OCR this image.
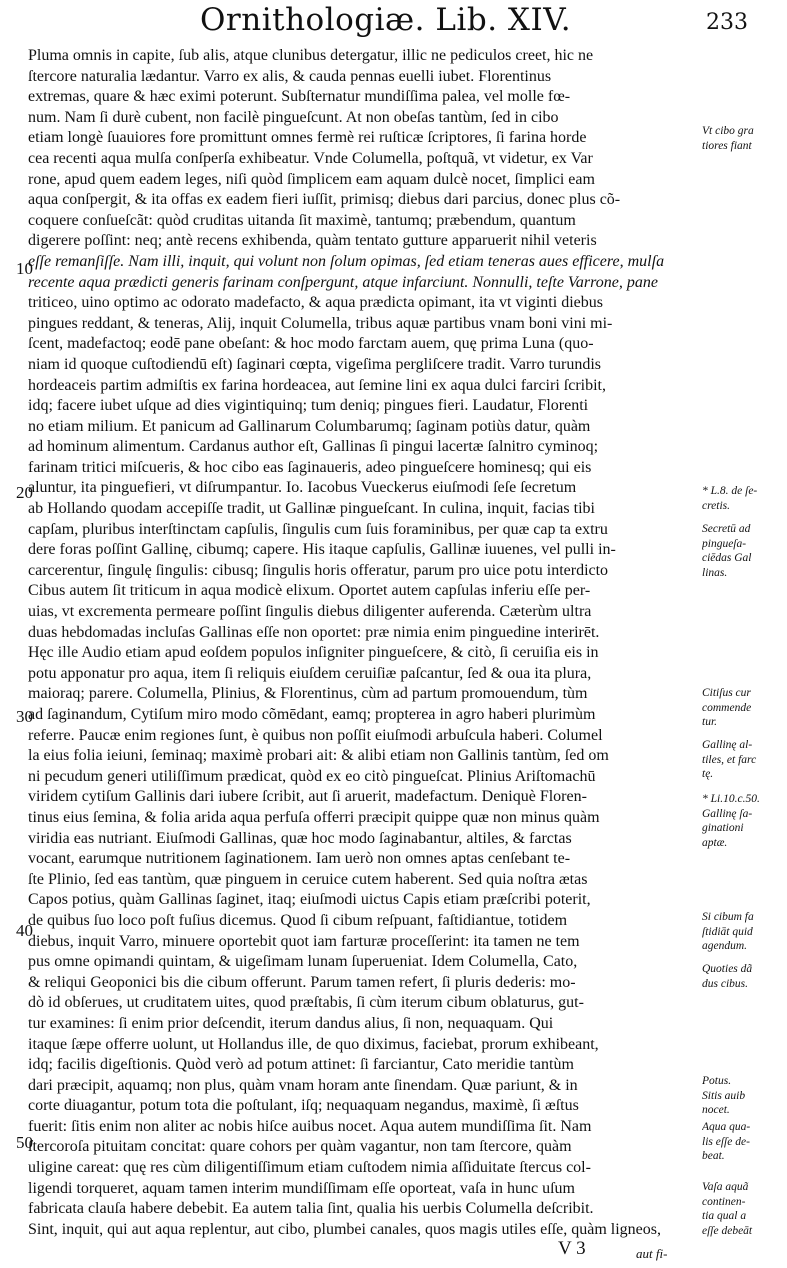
Ornithologiæ. Lib. XIV.	233
10
20
30
40
50
Pluma omnis in capite, ſub alis, atque clunibus detergatur, illic ne pediculos creet, hic ne
ſtercore naturalia lædantur. Varro ex alis, & cauda pennas euelli iubet. Florentinus
extremas, quare & hæc eximi poterunt. Subſternatur mundiſſima palea, vel molle fœ-
num. Nam ſi durè cubent, non facilè pingueſcunt. At non obeſas tantùm, ſed in cibo
etiam longè ſuauiores fore promittunt omnes fermè rei ruſticæ ſcriptores, ſi farina horde
cea recenti aqua mulſa conſperſa exhibeatur. Vnde Columella, poſtquã, vt videtur, ex Var
rone, apud quem eadem leges, niſi quòd ſimplicem eam aquam dulcè nocet, ſimplici eam
aqua conſpergit, & ita offas ex eadem fieri iuſſit, primisq; diebus dari parcius, donec plus cõ-
coquere conſueſcãt: quòd cruditas uitanda ſit maximè, tantumq; præbendum, quantum
digerere poſſint: neq; antè recens exhibenda, quàm tentato gutture apparuerit nihil veteris
eſſe remanſiſſe. Nam illi, inquit, qui volunt non ſolum opimas, ſed etiam teneras aues efficere, mulſa
recente aqua prædicti generis farinam conſpergunt, atque infarciunt. Nonnulli, teſte Varrone, pane
triticeo, uino optimo ac odorato madefacto, & aqua prædicta opimant, ita vt viginti diebus
pingues reddant, & teneras, Alij, inquit Columella, tribus aquæ partibus vnam boni vini mi-
ſcent, madefactoq; eodē pane obeſant: & hoc modo farctam auem, quę prima Luna (quo-
niam id quoque cuſtodiendū eſt) ſaginari cœpta, vigeſima pergliſcere tradit. Varro turundis
hordeaceis partim admiſtis ex farina hordeacea, aut ſemine lini ex aqua dulci farciri ſcribit,
idq; facere iubet uſque ad dies vigintiquinq; tum deniq; pingues fieri. Laudatur, Florenti
no etiam milium. Et panicum ad Gallinarum Columbarumq; ſaginam potiùs datur, quàm
ad hominum alimentum. Cardanus author eſt, Gallinas ſi pingui lacertæ ſalnitro cyminoq;
farinam tritici miſcueris, & hoc cibo eas ſaginaueris, adeo pingueſcere hominesq; qui eis
aluntur, ita pinguefieri, vt diſrumpantur. Io. Iacobus Vueckerus eiuſmodi ſeſe ſecretum
ab Hollando quodam accepiſſe tradit, ut Gallinæ pingueſcant. In culina, inquit, facias tibi
capſam, pluribus interſtinctam capſulis, ſingulis cum ſuis foraminibus, per quæ cap ta extru
dere foras poſſint Gallinę, cibumq; capere. His itaque capſulis, Gallinæ iuuenes, vel pulli in-
carcerentur, ſingulę ſingulis: cibusq; ſingulis horis offeratur, parum pro uice potu interdicto
Cibus autem ſit triticum in aqua modicè elixum. Oportet autem capſulas inferiu eſſe per-
uias, vt excrementa permeare poſſint ſingulis diebus diligenter auferenda. Cæterùm ultra
duas hebdomadas incluſas Gallinas eſſe non oportet: præ nimia enim pinguedine interirēt.
Hęc ille Audio etiam apud eoſdem populos inſigniter pingueſcere, & citò, ſi ceruiſia eis in
potu apponatur pro aqua, item ſi reliquis eiuſdem ceruiſiæ paſcantur, ſed & oua ita plura,
maioraq; parere. Columella, Plinius, & Florentinus, cùm ad partum promouendum, tùm
ad ſaginandum, Cytiſum miro modo cõmēdant, eamq; propterea in agro haberi plurimùm
referre. Paucæ enim regiones ſunt, è quibus non poſſit eiuſmodi arbuſcula haberi. Columel
la eius folia ieiuni, ſeminaq; maximè probari ait: & alibi etiam non Gallinis tantùm, ſed om
ni pecudum generi utiliſſimum prædicat, quòd ex eo citò pingueſcat. Plinius Ariſtomachū
viridem cytiſum Gallinis dari iubere ſcribit, aut ſi aruerit, madefactum. Deniquè Floren-
tinus eius ſemina, & folia arida aqua perfuſa offerri præcipit quippe quæ non minus quàm
viridia eas nutriant. Eiuſmodi Gallinas, quæ hoc modo ſaginabantur, altiles, & farctas
vocant, earumque nutritionem ſaginationem. Iam uerò non omnes aptas cenſebant te-
ſte Plinio, ſed eas tantùm, quæ pinguem in ceruice cutem haberent. Sed quia noſtra ætas
Capos potius, quàm Gallinas ſaginet, itaq; eiuſmodi uictus Capis etiam præſcribi poterit,
de quibus ſuo loco poſt fuſius dicemus. Quod ſi cibum reſpuant, faſtidiantue, totidem
diebus, inquit Varro, minuere oportebit quot iam farturæ proceſſerint: ita tamen ne tem
pus omne opimandi quintam, & uigeſimam lunam ſuperueniat. Idem Columella, Cato,
& reliqui Geoponici bis die cibum offerunt. Parum tamen refert, ſi pluris dederis: mo-
dò id obſerues, ut cruditatem uites, quod præſtabis, ſi cùm iterum cibum oblaturus, gut-
tur examines: ſi enim prior deſcendit, iterum dandus alius, ſi non, nequaquam. Qui
itaque ſæpe offerre uolunt, ut Hollandus ille, de quo diximus, faciebat, prorum exhibeant,
idq; facilis digeſtionis. Quòd verò ad potum attinet: ſi farciantur, Cato meridie tantùm
dari præcipit, aquamq; non plus, quàm vnam horam ante ſinendam. Quæ pariunt, & in
corte diuagantur, potum tota die poſtulant, iſq; nequaquam negandus, maximè, ſi æſtus
fuerit: ſitis enim non aliter ac nobis hiſce auibus nocet. Aqua autem mundiſſima ſit. Nam
ſtercoroſa pituitam concitat: quare cohors per quàm vagantur, non tam ſtercore, quàm
uligine careat: quę res cùm diligentiſſimum etiam cuſtodem nimia aſſiduitate ſtercus col-
ligendi torqueret, aquam tamen interim mundiſſimam eſſe oporteat, vaſa in hunc uſum
fabricata clauſa habere debebit. Ea autem talia ſint, qualia his uerbis Columella deſcribit.
Sint, inquit, qui aut aqua replentur, aut cibo, plumbei canales, quos magis utiles eſſe, quàm ligneos,
Vt cibo gra
tiores fiant
* L.8. de ſe-
cretis.
Secretū ad
pingueſa-
ciēdas Gal
linas.
Citiſus cur
commende
tur.
Gallinę al-
tiles, et farc
tę.
* Li.10.c.50.
Gallinę ſa-
ginationi
aptæ.
Si cibum fa
ſtidiāt quid
agendum.
Quoties dã
dus cibus.
Potus.
Sitis auib
nocet.
Aqua qua-
lis eſſe de-
beat.
Vaſa aquã
continen-
tia qual a
eſſe debeāt
V 3	aut fi-
